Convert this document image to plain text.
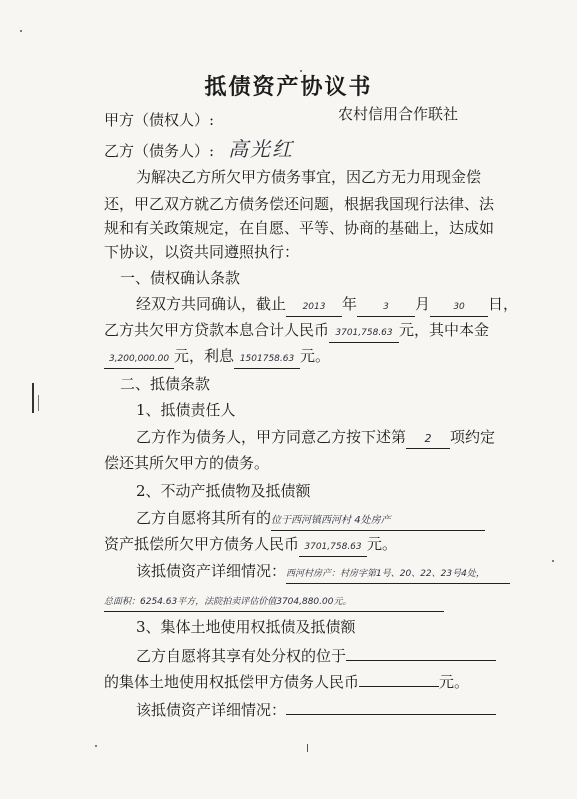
抵债资产协议书
甲方（债权人）:	农村信用合作联社
乙方（债务人）: 高光红
为解决乙方所欠甲方债务事宜，因乙方无力用现金偿
还，甲乙双方就乙方债务偿还问题，根据我国现行法律、法
规和有关政策规定，在自愿、平等、协商的基础上，达成如
下协议，以资共同遵照执行：
一、债权确认条款
经双方共同确认，截止 2013 年	3 月	30 日，
乙方共欠甲方贷款本息合计人民币 3701,758.63 元，其中本金
3,200,000.00 元，利息 1501758.63 元。
二、抵债条款
1、抵债责任人
乙方作为债务人，甲方同意乙方按下述第 2 项约定
偿还其所欠甲方的债务。
2、不动产抵债物及抵债额
乙方自愿将其所有的位于西河镇西河村 4处房产
资产抵偿所欠甲方债务人民币 3701,758.63 元。
该抵债资产详细情况：西河村房产：村房字第1号、20、22、23号4处，
总面积：6254.63平方，法院拍卖评估价值3704,880.00元。
3、集体土地使用权抵债及抵债额
乙方自愿将其享有处分权的位于
的集体土地使用权抵偿甲方债务人民币	元。
该抵债资产详细情况：
